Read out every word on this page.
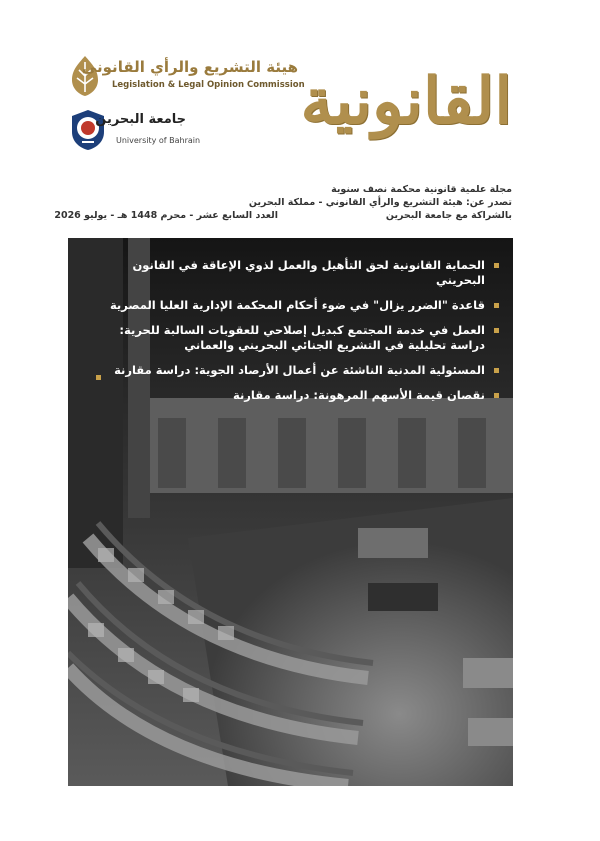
هيئة التشريع والرأي القانوني
Legislation & Legal Opinion Commission
جامعة البحرين
University of Bahrain
القانونية
مجلة علمية قانونية محكمة نصف سنوية
تصدر عن: هيئة التشريع والرأي القانوني - مملكة البحرين
بالشراكة مع جامعة البحرين
العدد السابع عشر - محرم 1448 هـ - يوليو 2026
الحماية القانونية لحق التأهيل والعمل لذوي الإعاقة في القانون البحريني
قاعدة "الضرر يزال" في ضوء أحكام المحكمة الإدارية العليا المصرية
العمل في خدمة المجتمع كبديل إصلاحي للعقوبات السالبة للحرية: دراسة تحليلية في التشريع الجنائي البحريني والعماني
المسئولية المدنية الناشئة عن أعمال الأرصاد الجوية: دراسة مقارنة
نقصان قيمة الأسهم المرهونة: دراسة مقارنة
